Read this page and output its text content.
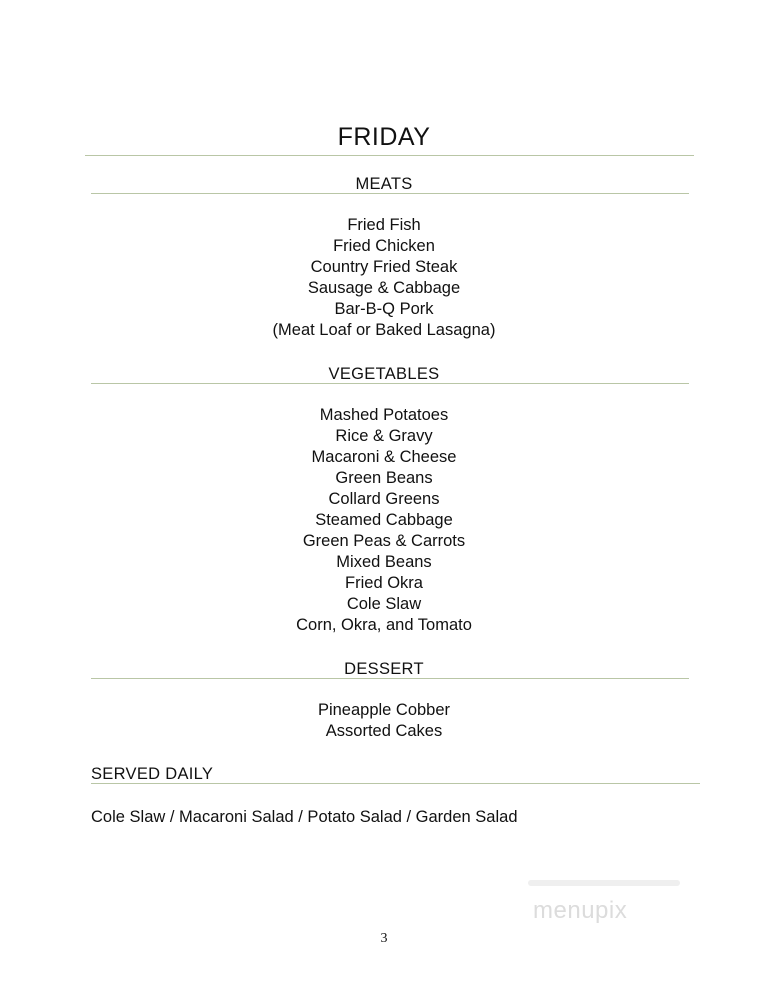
FRIDAY
MEATS
Fried Fish
Fried Chicken
Country Fried Steak
Sausage & Cabbage
Bar-B-Q Pork
(Meat Loaf or Baked Lasagna)
VEGETABLES
Mashed Potatoes
Rice & Gravy
Macaroni & Cheese
Green Beans
Collard Greens
Steamed Cabbage
Green Peas & Carrots
Mixed Beans
Fried Okra
Cole Slaw
Corn, Okra, and Tomato
DESSERT
Pineapple Cobber
Assorted Cakes
SERVED DAILY
Cole Slaw / Macaroni Salad / Potato Salad / Garden Salad
menupix
3
